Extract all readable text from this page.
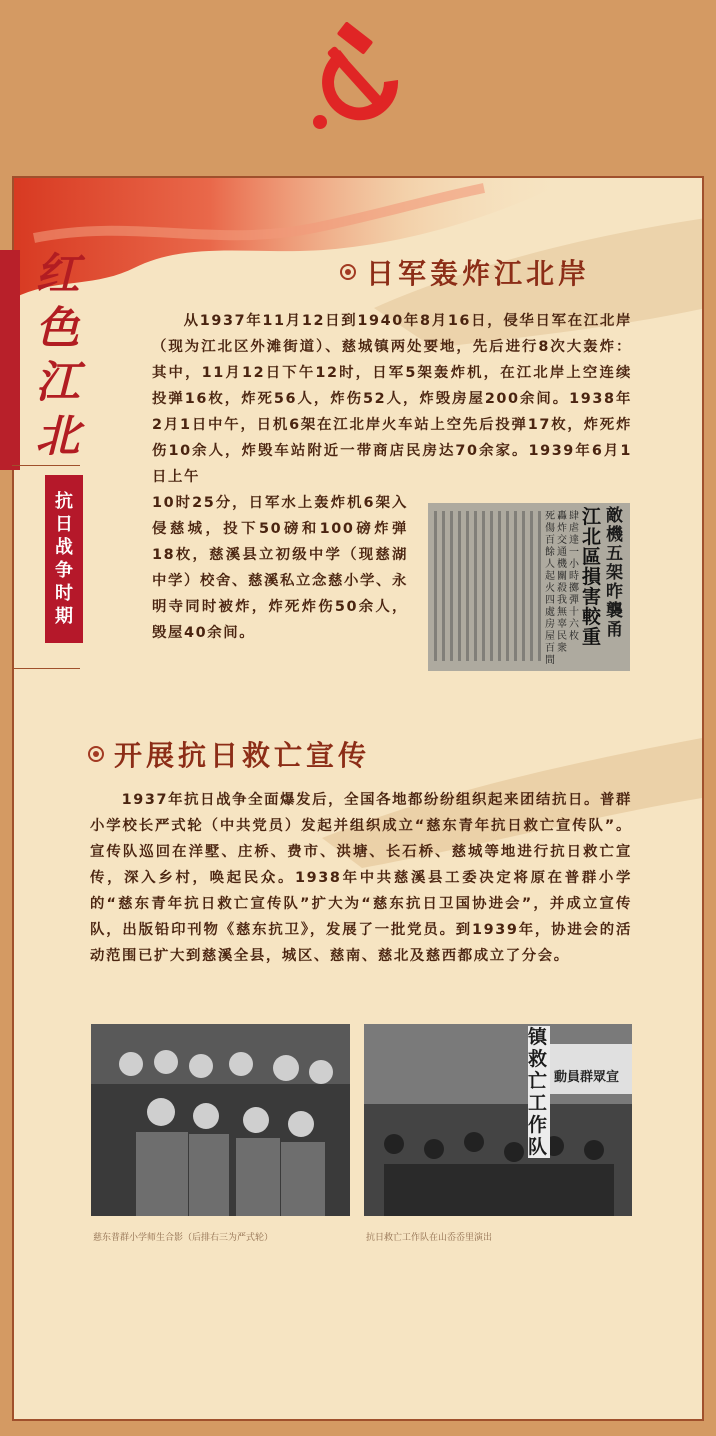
红
色
江
北
抗
日
战
争
时
期
日军轰炸江北岸
从1937年11月12日到1940年8月16日，侵华日军在江北岸（现为江北区外滩街道）、慈城镇两处要地，先后进行8次大轰炸：其中，11月12日下午12时，日军5架轰炸机，在江北岸上空连续投弹16枚，炸死56人，炸伤52人，炸毁房屋200余间。1938年2月1日中午，日机6架在江北岸火车站上空先后投弹17枚，炸死炸伤10余人，炸毁车站附近一带商店民房达70余家。1939年6月1日上午
10时25分，日军水上轰炸机6架入侵慈城，投下50磅和100磅炸弹18枚，慈溪县立初级中学（现慈湖中学）校舍、慈溪私立念慈小学、永明寺同时被炸，炸死炸伤50余人，毁屋40余间。
敵機五架昨襲甬
江北區損害較重
肆虐達一小時擲彈十六枚
轟炸交通機關殺我無辜民衆
死傷百餘人起火四處房屋百間
开展抗日救亡宣传
1937年抗日战争全面爆发后，全国各地都纷纷组织起来团结抗日。普群小学校长严式轮（中共党员）发起并组织成立“慈东青年抗日救亡宣传队”。宣传队巡回在洋墅、庄桥、费市、洪塘、长石桥、慈城等地进行抗日救亡宣传，深入乡村，唤起民众。1938年中共慈溪县工委决定将原在普群小学的“慈东青年抗日救亡宣传队”扩大为“慈东抗日卫国协进会”，并成立宣传队，出版铅印刊物《慈东抗卫》，发展了一批党员。到1939年，协进会的活动范围已扩大到慈溪全县，城区、慈南、慈北及慈西都成立了分会。
慈东普群小学师生合影（后排右三为严式轮）
镇救亡工作队
動員群眾宣
抗日救亡工作队在山岙岙里演出
